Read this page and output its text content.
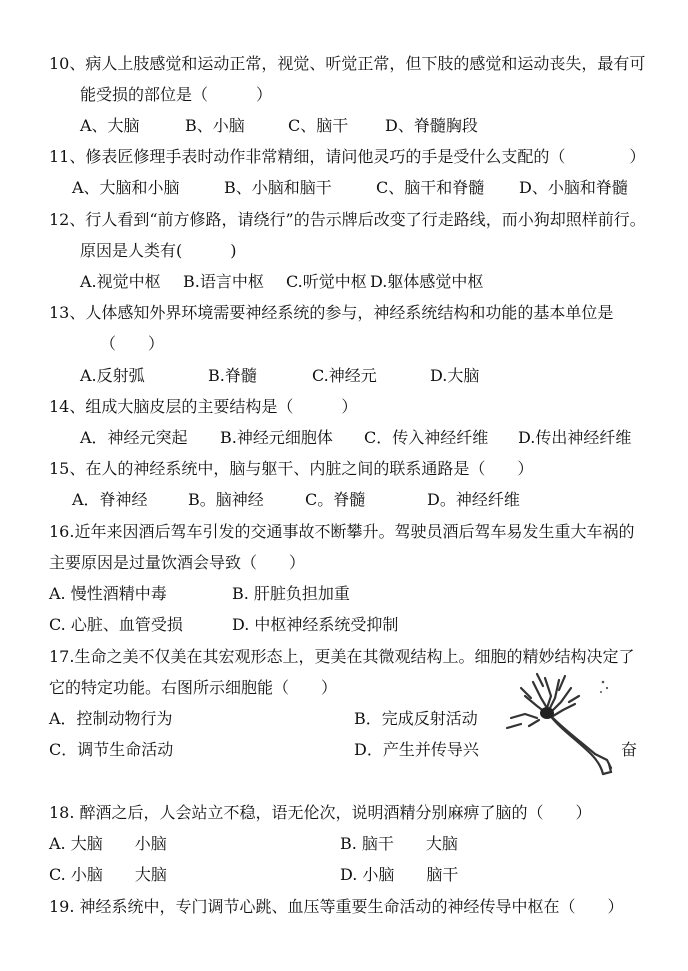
10、病人上肢感觉和运动正常，视觉、听觉正常，但下肢的感觉和运动丧失，最有可
能受损的部位是（　　　）
A、大脑	B、小脑	C、脑干 D、脊髓胸段
11、修表匠修理手表时动作非常精细，请问他灵巧的手是受什么支配的（　　　　）
A、大脑和小脑	B、小脑和脑干	C、脑干和脊髓 D、小脑和脊髓
12、行人看到“前方修路，请绕行”的告示牌后改变了行走路线，而小狗却照样前行。
原因是人类有(　　　)
A.视觉中枢 B.语言中枢 C.听觉中枢 D.躯体感觉中枢
13、人体感知外界环境需要神经系统的参与，神经系统结构和功能的基本单位是
（　　）
A.反射弧	B.脊髓	C.神经元	D.大脑
14、组成大脑皮层的主要结构是（　　　）
A．神经元突起 B.神经元细胞体 C．传入神经纤维 D.传出神经纤维
15、在人的神经系统中，脑与躯干、内脏之间的联系通路是（　　）
A．脊神经	B。脑神经	C。脊髓	D。神经纤维
16.近年来因酒后驾车引发的交通事故不断攀升。驾驶员酒后驾车易发生重大车祸的
主要原因是过量饮酒会导致（　　）
A. 慢性酒精中毒	B. 肝脏负担加重
C. 心脏、血管受损	D. 中枢神经系统受抑制
17.生命之美不仅美在其宏观形态上，更美在其微观结构上。细胞的精妙结构决定了
它的特定功能。右图所示细胞能（　　）
A．控制动物行为	B．完成反射活动
C．调节生命活动	D．产生并传导兴	奋
18. 醉酒之后，人会站立不稳，语无伦次，说明酒精分别麻痹了脑的（　　）
A. 大脑　　小脑	B. 脑干　　大脑
C. 小脑　　大脑	D. 小脑　　脑干
19. 神经系统中，专门调节心跳、血压等重要生命活动的神经传导中枢在（　　）
